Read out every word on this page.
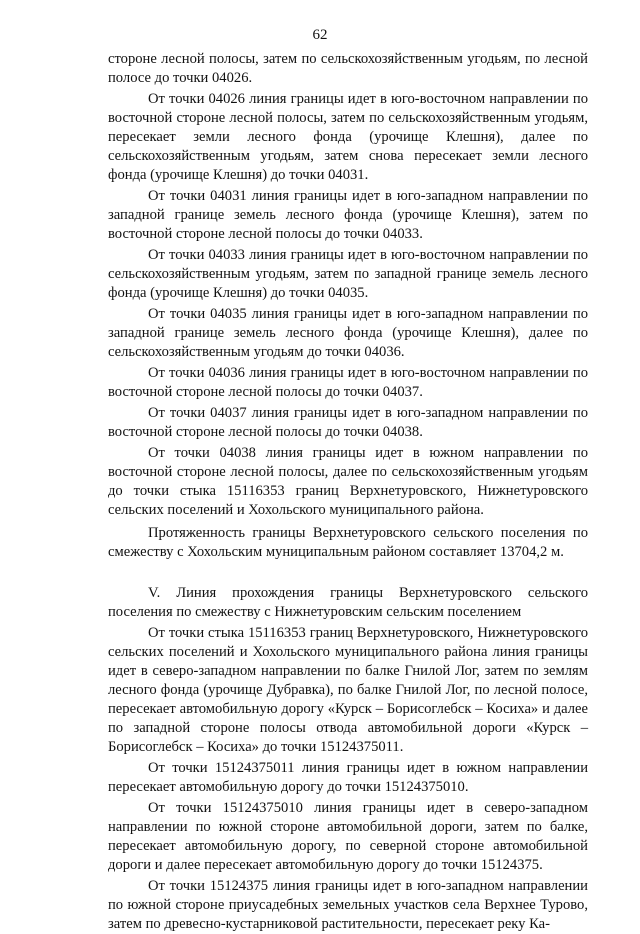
62

стороне лесной полосы, затем по сельскохозяйственным угодьям, по лесной полосе до точки 04026.

От точки 04026 линия границы идет в юго-восточном направлении по восточной стороне лесной полосы, затем по сельскохозяйственным угодьям, пересекает земли лесного фонда (урочище Клешня), далее по сельскохозяйственным угодьям, затем снова пересекает земли лесного фонда (урочище Клешня) до точки 04031.

От точки 04031 линия границы идет в юго-западном направлении по западной границе земель лесного фонда (урочище Клешня), затем по восточной стороне лесной полосы до точки 04033.

От точки 04033 линия границы идет в юго-восточном направлении по сельскохозяйственным угодьям, затем по западной границе земель лесного фонда (урочище Клешня) до точки 04035.

От точки 04035 линия границы идет в юго-западном направлении по западной границе земель лесного фонда (урочище Клешня), далее по сельскохозяйственным угодьям до точки 04036.

От точки 04036 линия границы идет в юго-восточном направлении по восточной стороне лесной полосы до точки 04037.

От точки 04037 линия границы идет в юго-западном направлении по восточной стороне лесной полосы до точки 04038.

От точки 04038 линия границы идет в южном направлении по восточной стороне лесной полосы, далее по сельскохозяйственным угодьям до точки стыка 15116353 границ Верхнетуровского, Нижнетуровского сельских поселений и Хохольского муниципального района.

Протяженность границы Верхнетуровского сельского поселения по смежеству с Хохольским муниципальным районом составляет 13704,2 м.

V. Линия прохождения границы Верхнетуровского сельского поселения по смежеству с Нижнетуровским сельским поселением

От точки стыка 15116353 границ Верхнетуровского, Нижнетуровского сельских поселений и Хохольского муниципального района линия границы идет в северо-западном направлении по балке Гнилой Лог, затем по землям лесного фонда (урочище Дубравка), по балке Гнилой Лог, по лесной полосе, пересекает автомобильную дорогу «Курск – Борисоглебск – Косиха» и далее по западной стороне полосы отвода автомобильной дороги «Курск – Борисоглебск – Косиха» до точки 15124375011.

От точки 15124375011 линия границы идет в южном направлении пересекает автомобильную дорогу до точки 15124375010.

От точки 15124375010 линия границы идет в северо-западном направлении по южной стороне автомобильной дороги, затем по балке, пересекает автомобильную дорогу, по северной стороне автомобильной дороги и далее пересекает автомобильную дорогу до точки 15124375.

От точки 15124375 линия границы идет в юго-западном направлении по южной стороне приусадебных земельных участков села Верхнее Турово, затем по древесно-кустарниковой растительности, пересекает реку Ка-
